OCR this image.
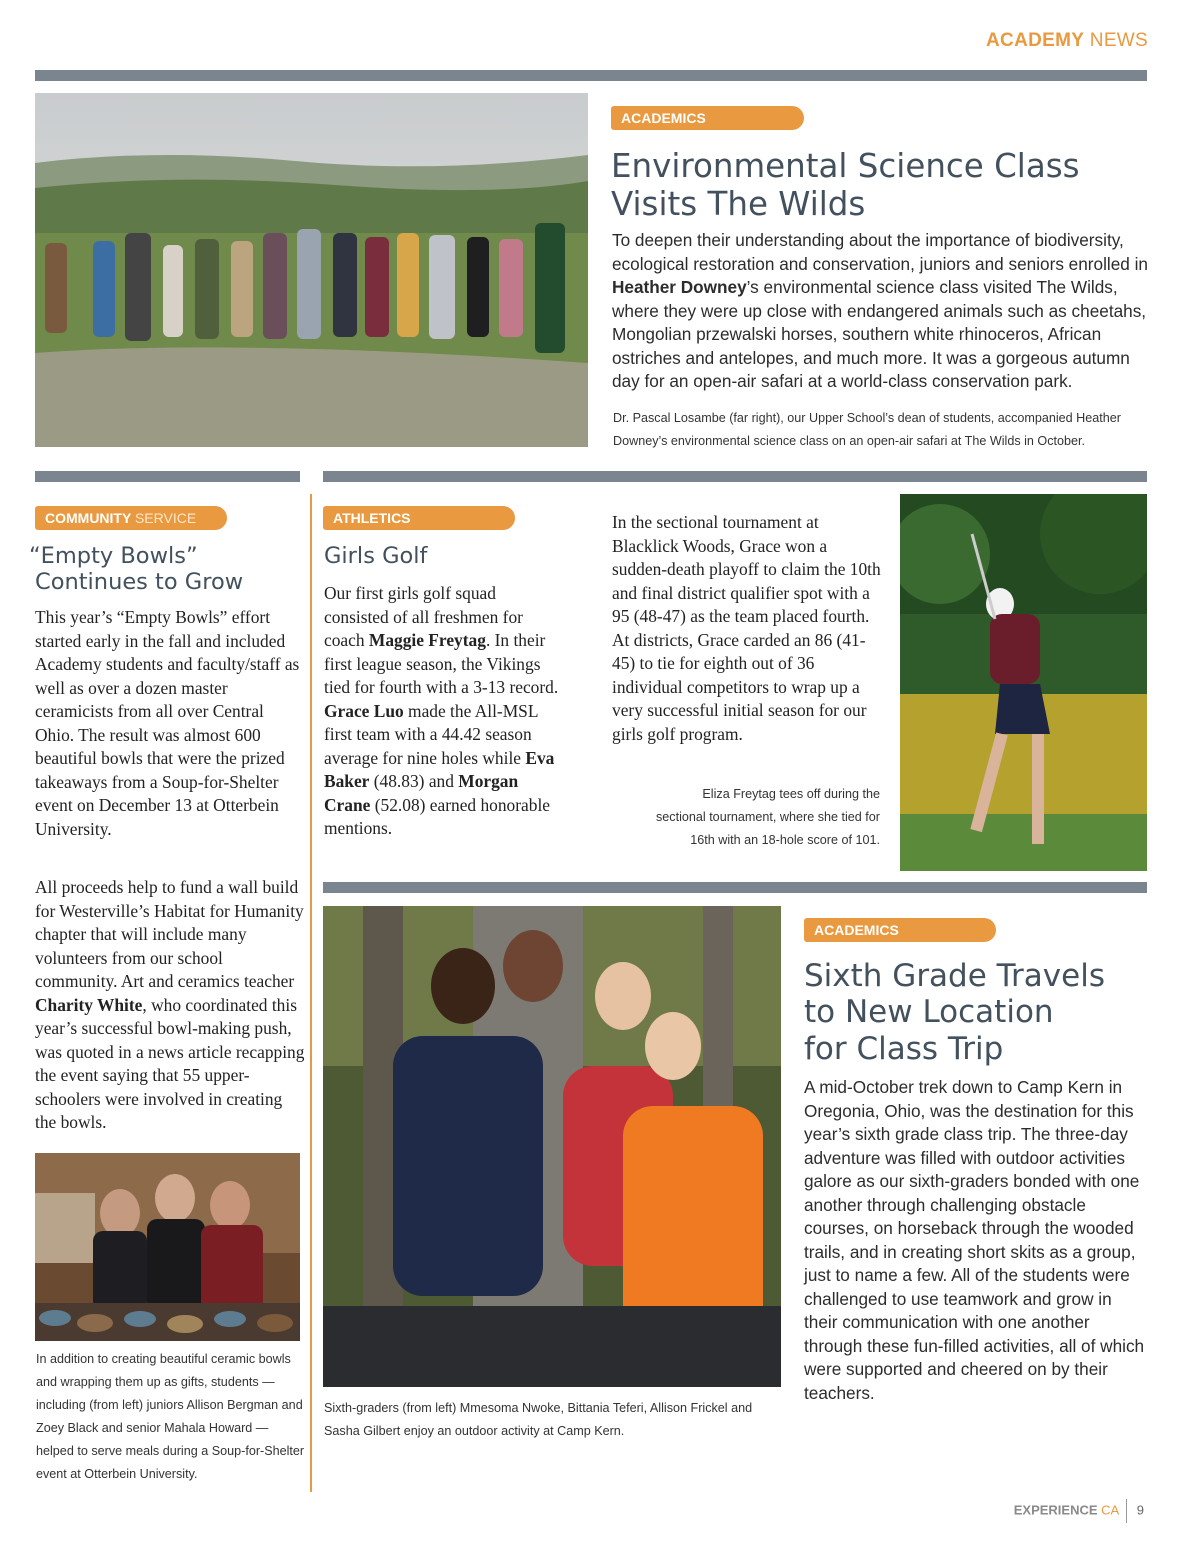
ACADEMY NEWS
ACADEMICS
Environmental Science Class
Visits The Wilds
To deepen their understanding about the importance of biodiversity, ecological restoration and conservation, juniors and seniors enrolled in Heather Downey’s environmental science class visited The Wilds, where they were up close with endangered animals such as cheetahs, Mongolian przewalski horses, southern white rhinoceros, African ostriches and antelopes, and much more. It was a gorgeous autumn day for an open-air safari at a world-class conservation park.
Dr. Pascal Losambe (far right), our Upper School’s dean of students, accompanied Heather Downey’s environmental science class on an open-air safari at The Wilds in October.
COMMUNITY SERVICE
“Empty Bowls”
Continues to Grow
This year’s “Empty Bowls” effort started early in the fall and included Academy students and faculty/staff as well as over a dozen master ceramicists from all over Central Ohio. The result was almost 600 beautiful bowls that were the prized takeaways from a Soup-for-Shelter event on December 13 at Otterbein University.
All proceeds help to fund a wall build for Westerville’s Habitat for Humanity chapter that will include many volunteers from our school community. Art and ceramics teacher Charity White, who coordinated this year’s successful bowl-making push, was quoted in a news article recapping the event saying that 55 upper-schoolers were involved in creating the bowls.
In addition to creating beautiful ceramic bowls and wrapping them up as gifts, students — including (from left) juniors Allison Bergman and Zoey Black and senior Mahala Howard — helped to serve meals during a Soup-for-Shelter event at Otterbein University.
ATHLETICS
Girls Golf
Our first girls golf squad consisted of all freshmen for coach Maggie Freytag. In their first league season, the Vikings tied for fourth with a 3-13 record. Grace Luo made the All-MSL first team with a 44.42 season average for nine holes while Eva Baker (48.83) and Morgan Crane (52.08) earned honorable mentions.
In the sectional tournament at Blacklick Woods, Grace won a sudden-death playoff to claim the 10th and final district qualifier spot with a 95 (48-47) as the team placed fourth. At districts, Grace carded an 86 (41-45) to tie for eighth out of 36 individual competitors to wrap up a very successful initial season for our girls golf program.
Eliza Freytag tees off during the sectional tournament, where she tied for 16th with an 18-hole score of 101.
Sixth-graders (from left) Mmesoma Nwoke, Bittania Teferi, Allison Frickel and Sasha Gilbert enjoy an outdoor activity at Camp Kern.
ACADEMICS
Sixth Grade Travels
to New Location
for Class Trip
A mid-October trek down to Camp Kern in Oregonia, Ohio, was the destination for this year’s sixth grade class trip. The three-day adventure was filled with outdoor activities galore as our sixth-graders bonded with one another through challenging obstacle courses, on horseback through the wooded trails, and in creating short skits as a group, just to name a few. All of the students were challenged to use teamwork and grow in their communication with one another through these fun-filled activities, all of which were supported and cheered on by their teachers.
EXPERIENCE CA 9
